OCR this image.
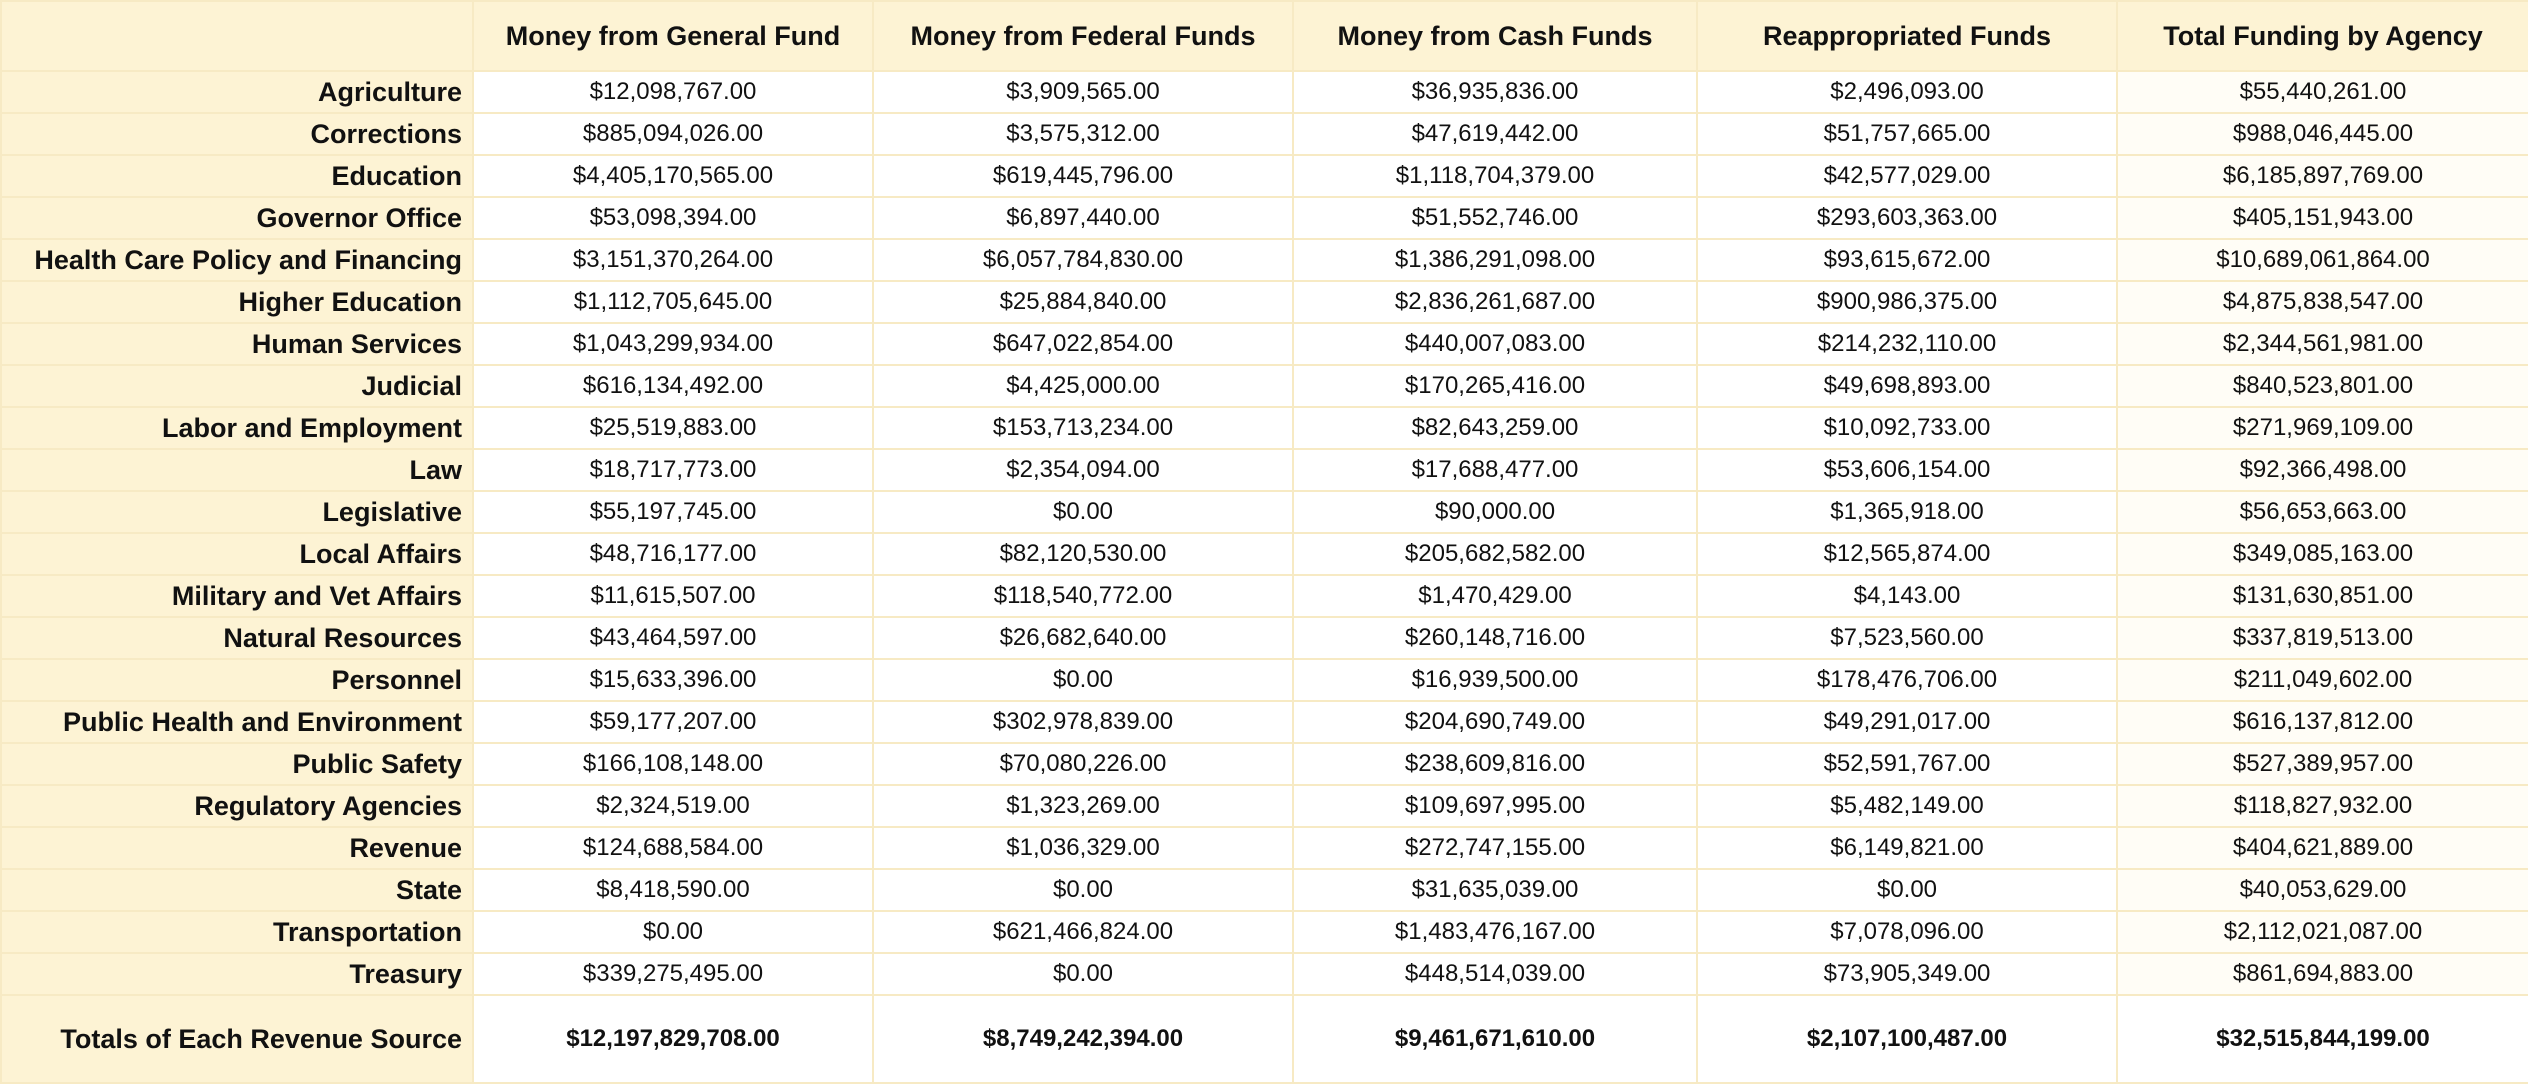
	Money from General Fund	Money from Federal Funds	Money from Cash Funds	Reappropriated Funds	Total Funding by Agency
Agriculture	$12,098,767.00	$3,909,565.00	$36,935,836.00	$2,496,093.00	$55,440,261.00
Corrections	$885,094,026.00	$3,575,312.00	$47,619,442.00	$51,757,665.00	$988,046,445.00
Education	$4,405,170,565.00	$619,445,796.00	$1,118,704,379.00	$42,577,029.00	$6,185,897,769.00
Governor Office	$53,098,394.00	$6,897,440.00	$51,552,746.00	$293,603,363.00	$405,151,943.00
Health Care Policy and Financing	$3,151,370,264.00	$6,057,784,830.00	$1,386,291,098.00	$93,615,672.00	$10,689,061,864.00
Higher Education	$1,112,705,645.00	$25,884,840.00	$2,836,261,687.00	$900,986,375.00	$4,875,838,547.00
Human Services	$1,043,299,934.00	$647,022,854.00	$440,007,083.00	$214,232,110.00	$2,344,561,981.00
Judicial	$616,134,492.00	$4,425,000.00	$170,265,416.00	$49,698,893.00	$840,523,801.00
Labor and Employment	$25,519,883.00	$153,713,234.00	$82,643,259.00	$10,092,733.00	$271,969,109.00
Law	$18,717,773.00	$2,354,094.00	$17,688,477.00	$53,606,154.00	$92,366,498.00
Legislative	$55,197,745.00	$0.00	$90,000.00	$1,365,918.00	$56,653,663.00
Local Affairs	$48,716,177.00	$82,120,530.00	$205,682,582.00	$12,565,874.00	$349,085,163.00
Military and Vet Affairs	$11,615,507.00	$118,540,772.00	$1,470,429.00	$4,143.00	$131,630,851.00
Natural Resources	$43,464,597.00	$26,682,640.00	$260,148,716.00	$7,523,560.00	$337,819,513.00
Personnel	$15,633,396.00	$0.00	$16,939,500.00	$178,476,706.00	$211,049,602.00
Public Health and Environment	$59,177,207.00	$302,978,839.00	$204,690,749.00	$49,291,017.00	$616,137,812.00
Public Safety	$166,108,148.00	$70,080,226.00	$238,609,816.00	$52,591,767.00	$527,389,957.00
Regulatory Agencies	$2,324,519.00	$1,323,269.00	$109,697,995.00	$5,482,149.00	$118,827,932.00
Revenue	$124,688,584.00	$1,036,329.00	$272,747,155.00	$6,149,821.00	$404,621,889.00
State	$8,418,590.00	$0.00	$31,635,039.00	$0.00	$40,053,629.00
Transportation	$0.00	$621,466,824.00	$1,483,476,167.00	$7,078,096.00	$2,112,021,087.00
Treasury	$339,275,495.00	$0.00	$448,514,039.00	$73,905,349.00	$861,694,883.00
Totals of Each Revenue Source	$12,197,829,708.00	$8,749,242,394.00	$9,461,671,610.00	$2,107,100,487.00	$32,515,844,199.00
